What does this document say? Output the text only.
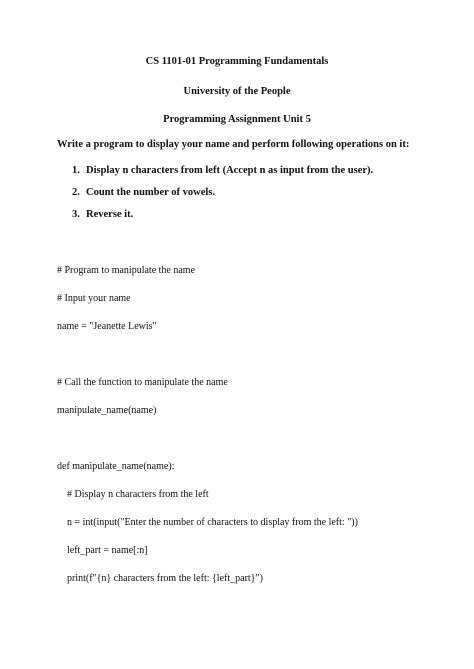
CS 1101-01 Programming Fundamentals
University of the People
Programming Assignment Unit 5
Write a program to display your name and perform following operations on it:
1. Display n characters from left (Accept n as input from the user).
2. Count the number of vowels.
3. Reverse it.
# Program to manipulate the name
# Input your name
name = "Jeanette Lewis"
# Call the function to manipulate the name
manipulate_name(name)
def manipulate_name(name):
# Display n characters from the left
n = int(input("Enter the number of characters to display from the left: "))
left_part = name[:n]
print(f"{n} characters from the left: {left_part}")
